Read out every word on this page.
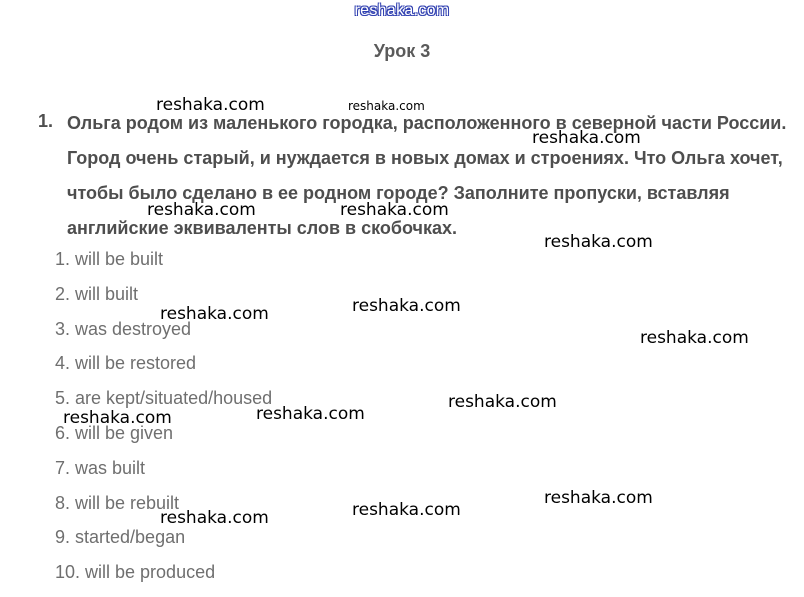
reshaka.com
Урок 3
1. Ольга родом из маленького городка, расположенного в северной части России. Город очень старый, и нуждается в новых домах и строениях. Что Ольга хочет, чтобы было сделано в ее родном городе? Заполните пропуски, вставляя английские эквиваленты слов в скобочках.

1. will be built
2. will built
3. was destroyed
4. will be restored
5. are kept/situated/housed
6. will be given
7. was built
8. will be rebuilt
9. started/began
10. will be produced
reshaka.com	reshaka.com
reshaka.com
reshaka.com	reshaka.com
reshaka.com
reshaka.com
reshaka.com
reshaka.com
reshaka.com
reshaka.com
reshaka.com
reshaka.com
reshaka.com
reshaka.com
